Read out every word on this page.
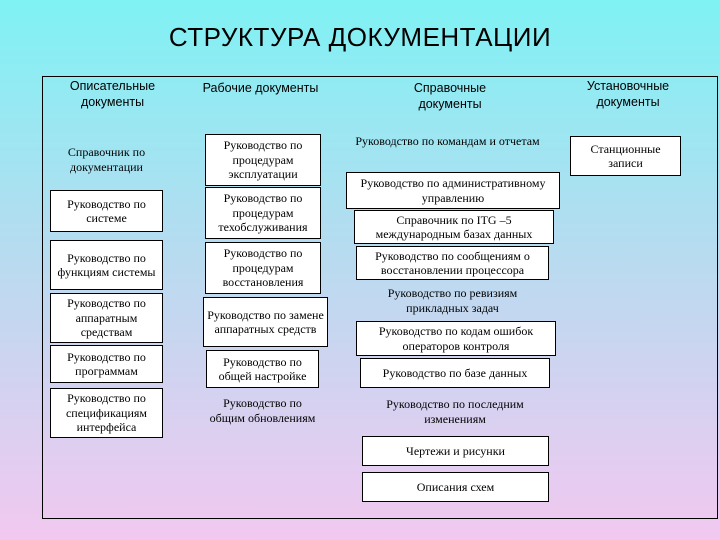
СТРУКТУРА ДОКУМЕНТАЦИИ
Описательные документы
Рабочие документы	Справочные документы
Установочные документы
Справочник по документации
Руководство по системе
Руководство по функциям системы
Руководство по аппаратным средствам
Руководство по программам
Руководство по спецификациям интерфейса
Руководство по процедурам эксплуатации
Руководство по процедурам техобслуживания
Руководство по процедурам восстановления
Руководство по замене аппаратных средств
Руководство по общей настройке
Руководство по общим обновлениям
Руководство по командам и отчетам
Руководство по административному управлению
Справочник по ITG –5 международным базах данных
Руководство по сообщениям о восстановлении процессора
Руководство по ревизиям прикладных задач
Руководство по кодам ошибок операторов контроля
Руководство по базе данных
Руководство по последним изменениям
Чертежи и рисунки
Описания схем
Станционные записи
